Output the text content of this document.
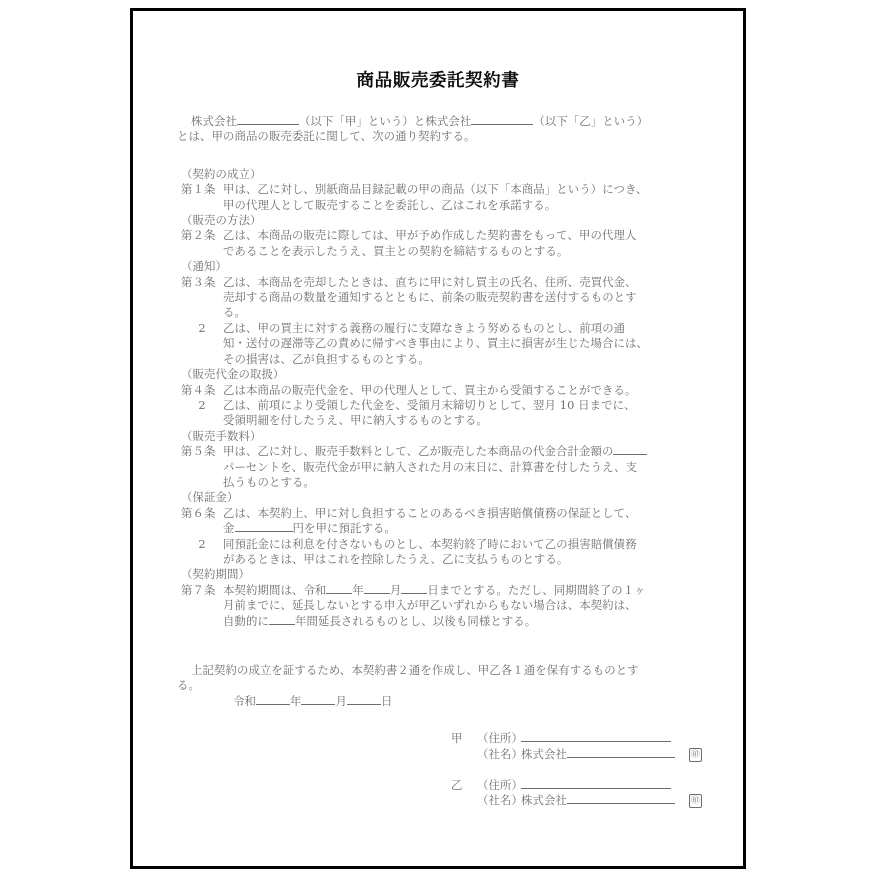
商品販売委託契約書

株式会社	（以下「甲」という）と株式会社	（以下「乙」という）

とは、甲の商品の販売委託に関して、次の通り契約する。

（契約の成立）
第１条 甲は、乙に対し、別紙商品目録記載の甲の商品（以下「本商品」という）につき、

甲の代理人として販売することを委託し、乙はこれを承諾する。

（販売の方法）
第２条 乙は、本商品の販売に際しては、甲が予め作成した契約書をもって、甲の代理人

であることを表示したうえ、買主との契約を締結するものとする。

（通知）
第３条 乙は、本商品を売却したときは、直ちに甲に対し買主の氏名、住所、売買代金、

売却する商品の数量を通知するとともに、前条の販売契約書を送付するものとす

る。

2	乙は、甲の買主に対する義務の履行に支障なきよう努めるものとし、前項の通

知・送付の遅滞等乙の責めに帰すべき事由により、買主に損害が生じた場合には、

その損害は、乙が負担するものとする。

（販売代金の取扱）
第４条 乙は本商品の販売代金を、甲の代理人として、買主から受領することができる。

2	乙は、前項により受領した代金を、受領月末締切りとして、翌月 10 日までに、

受領明細を付したうえ、甲に納入するものとする。

（販売手数料）
第５条 甲は、乙に対し、販売手数料として、乙が販売した本商品の代金合計金額の

パーセントを、販売代金が甲に納入された月の末日に、計算書を付したうえ、支

払うものとする。

（保証金）
第６条 乙は、本契約上、甲に対し負担することのあるべき損害賠償債務の保証として、

金	円を甲に預託する。

2	同預託金には利息を付さないものとし、本契約終了時において乙の損害賠償債務

があるときは、甲はこれを控除したうえ、乙に支払うものとする。

（契約期間）
第７条 本契約期間は、令和 年 月 日までとする。ただし、同期間終了の１ヶ

月前までに、延長しないとする申入が甲乙いずれからもない場合は、本契約は、

自動的に 年間延長されるものとし、以後も同様とする。

上記契約の成立を証するため、本契約書２通を作成し、甲乙各１通を保有するものとす

る。

令和	年	月	日
甲	（住所）
（社名）
株式会社	㊞
乙	（住所）
（社名）
株式会社	㊞
